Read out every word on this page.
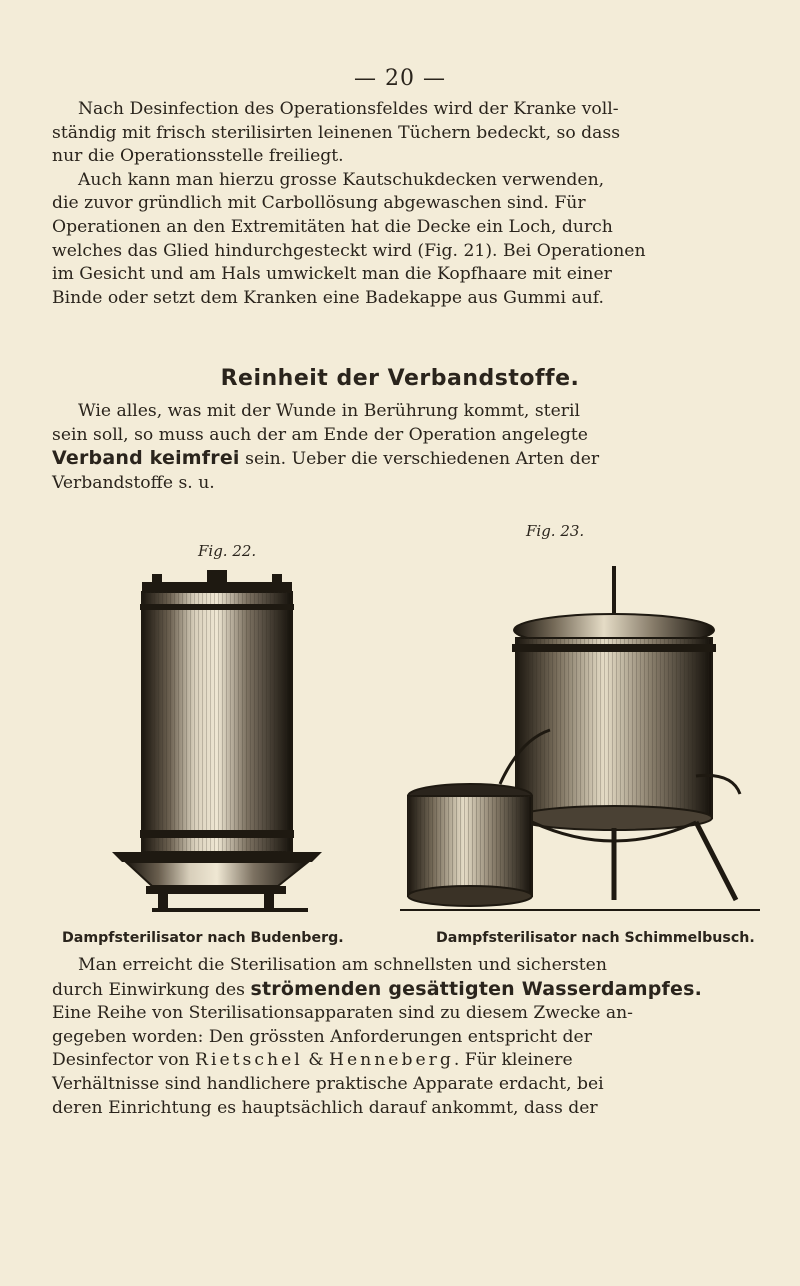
— 20 —

Nach Desinfection des Operationsfeldes wird der Kranke voll-
ständig mit frisch sterilisirten leinenen Tüchern bedeckt, so dass
nur die Operationsstelle freiliegt.

Auch kann man hierzu grosse Kautschukdecken verwenden,
die zuvor gründlich mit Carbollösung abgewaschen sind. Für
Operationen an den Extremitäten hat die Decke ein Loch, durch
welches das Glied hindurchgesteckt wird (Fig. 21). Bei Operationen
im Gesicht und am Hals umwickelt man die Kopfhaare mit einer
Binde oder setzt dem Kranken eine Badekappe aus Gummi auf.

Reinheit der Verbandstoffe.

Wie alles, was mit der Wunde in Berührung kommt, steril
sein soll, so muss auch der am Ende der Operation angelegte
Verband keimfrei sein. Ueber die verschiedenen Arten der
Verbandstoffe s. u.

Fig. 22.
Fig. 23.
Dampfsterilisator nach Budenberg.	Dampfsterilisator nach Schimmelbusch.

Man erreicht die Sterilisation am schnellsten und sichersten
durch Einwirkung des strömenden gesättigten Wasserdampfes.
Eine Reihe von Sterilisationsapparaten sind zu diesem Zwecke an-
gegeben worden: Den grössten Anforderungen entspricht der
Desinfector von Rietschel & Henneberg. Für kleinere
Verhältnisse sind handlichere praktische Apparate erdacht, bei
deren Einrichtung es hauptsächlich darauf ankommt, dass der
